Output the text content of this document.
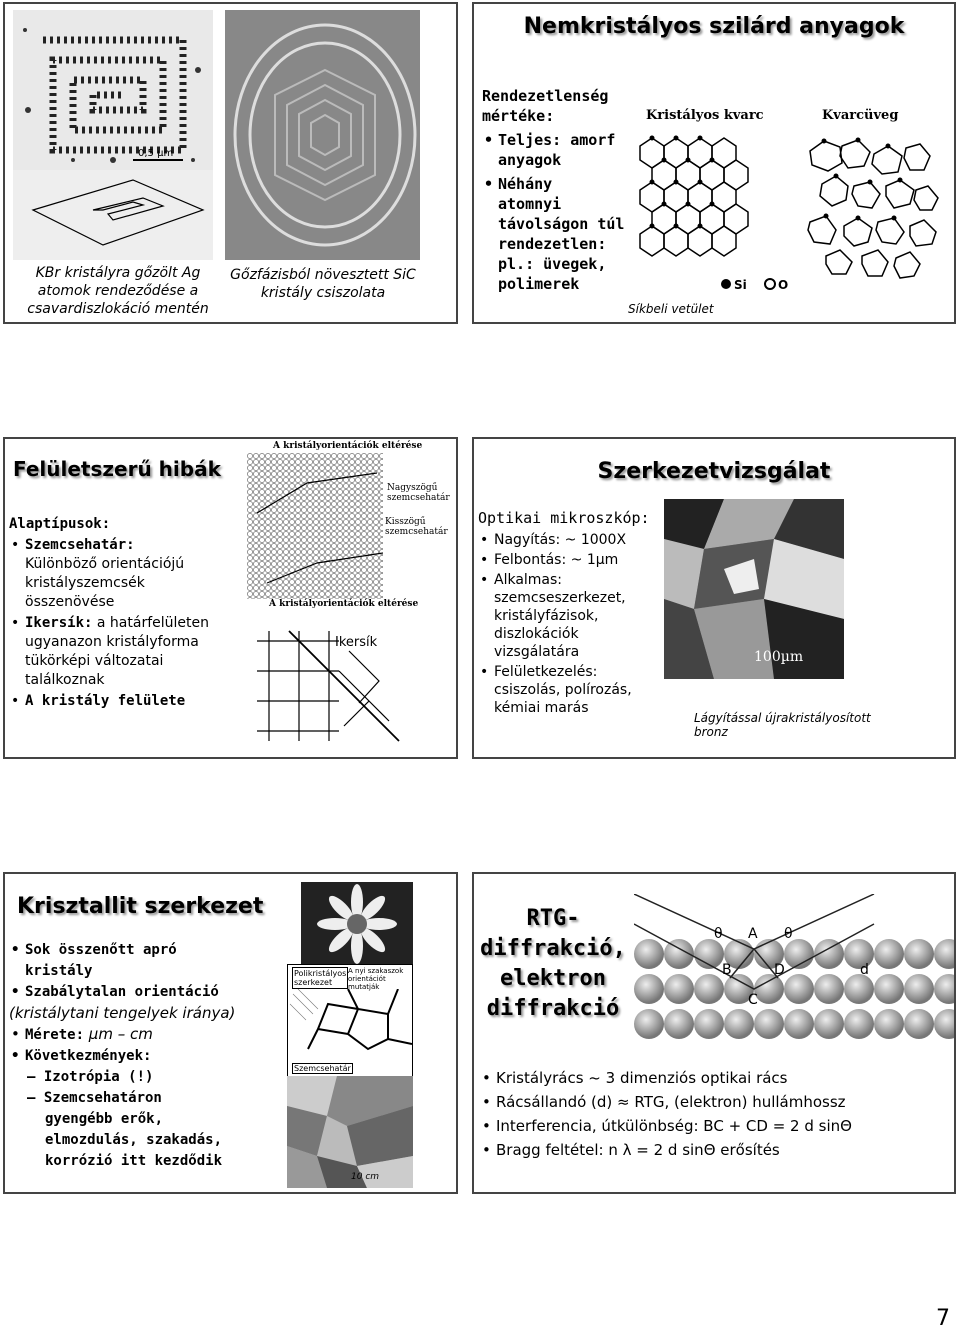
0,5 µm
KBr kristályra gőzölt Ag
atomok rendeződése a
csavardiszlokáció mentén
Gőzfázisból növesztett SiC
kristály csiszolata
Nemkristályos szilárd anyagok
Rendezetlenség
mértéke:
• Teljes: amorf
anyagok
• Néhány
atomnyi
távolságon túl
rendezetlen:
pl.: üvegek,
polimerek
Kristályos kvarc	Kvarcüveg
Si	O
Síkbeli vetület
Felületszerű hibák
Alaptípusok:
• Szemcsehatár:
Különböző orientációjú
kristályszemcsék
összenövése
• Ikersík: a határfelületen
ugyanazon kristályforma
tükörképi változatai
találkoznak
• A kristály felülete
A kristályorientációk eltérése
Nagyszögű
szemcsehatár
Kisszögű
szemcsehatár
A kristályorientációk eltérése
Ikersík
Szerkezetvizsgálat
Optikai mikroszkóp:
• Nagyítás: ~ 1000X
• Felbontás: ~ 1µm
• Alkalmas:
szemcseszerkezet,
kristályfázisok,
diszlokációk
vizsgálatára
• Felületkezelés:
csiszolás, polírozás,
kémiai marás
100µm
Lágyítással újrakristályosított
bronz
Krisztallit szerkezet
• Sok összenőtt apró
kristály
• Szabálytalan orientáció
(kristálytani tengelyek iránya)
• Mérete: µm – cm
• Következmények:
– Izotrópia (!)
– Szemcsehatáron
gyengébb erők,
elmozdulás, szakadás,
korrózió itt kezdődik
Polikristályos
szerkezet
A nyi szakaszok
orientációt mutatják
Szemcsehatár
10 cm
RTG-
diffrakció,
elektron
diffrakció
θ A θ
B	D
C
d
• Kristályrács ~ 3 dimenziós optikai rács
• Rácsállandó (d) ≈ RTG, (elektron) hullámhossz
• Interferencia, útkülönbség: BC + CD = 2 d sinΘ
• Bragg feltétel: n λ = 2 d sinΘ erősítés
7
